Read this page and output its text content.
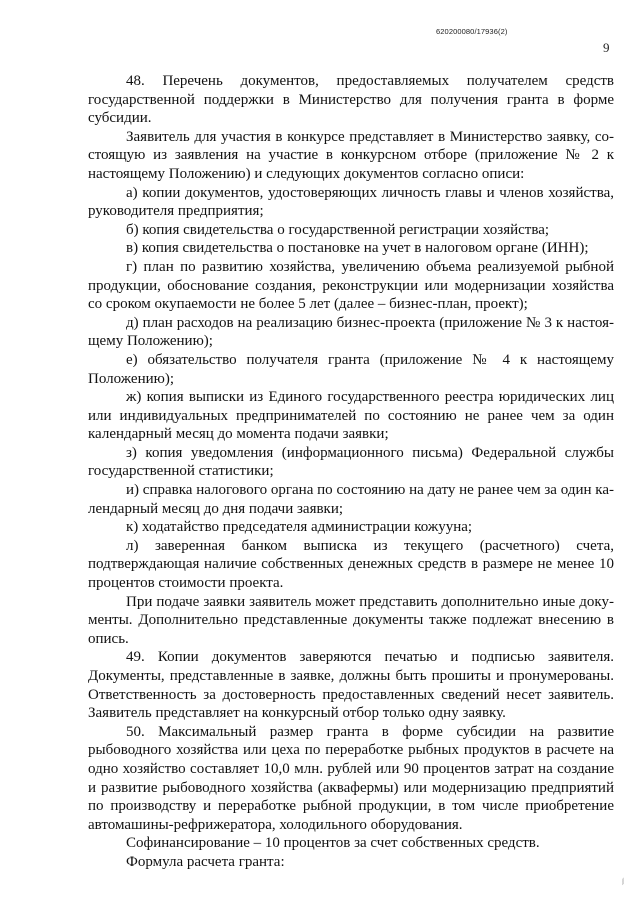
620200080/17936(2)
9

48. Перечень документов, предоставляемых получателем средств государственной поддержки в Министерство для получения гранта в форме субсидии.

Заявитель для участия в конкурсе представляет в Министерство заявку, состоящую из заявления на участие в конкурсном отборе (приложение № 2 к настоящему Положению) и следующих документов согласно описи:

а) копии документов, удостоверяющих личность главы и членов хозяйства, руководителя предприятия;

б) копия свидетельства о государственной регистрации хозяйства;

в) копия свидетельства о постановке на учет в налоговом органе (ИНН);

г) план по развитию хозяйства, увеличению объема реализуемой рыбной продукции, обоснование создания, реконструкции или модернизации хозяйства со сроком окупаемости не более 5 лет (далее – бизнес-план, проект);

д) план расходов на реализацию бизнес-проекта (приложение № 3 к настоящему Положению);

е) обязательство получателя гранта (приложение № 4 к настоящему Положению);

ж) копия выписки из Единого государственного реестра юридических лиц или индивидуальных предпринимателей по состоянию не ранее чем за один календарный месяц до момента подачи заявки;

з) копия уведомления (информационного письма) Федеральной службы государственной статистики;

и) справка налогового органа по состоянию на дату не ранее чем за один календарный месяц до дня подачи заявки;

к) ходатайство председателя администрации кожууна;

л) заверенная банком выписка из текущего (расчетного) счета, подтверждающая наличие собственных денежных средств в размере не менее 10 процентов стоимости проекта.

При подаче заявки заявитель может представить дополнительно иные документы. Дополнительно представленные документы также подлежат внесению в опись.

49. Копии документов заверяются печатью и подписью заявителя. Документы, представленные в заявке, должны быть прошиты и пронумерованы. Ответственность за достоверность предоставленных сведений несет заявитель. Заявитель представляет на конкурсный отбор только одну заявку.

50. Максимальный размер гранта в форме субсидии на развитие рыбоводного хозяйства или цеха по переработке рыбных продуктов в расчете на одно хозяйство составляет 10,0 млн. рублей или 90 процентов затрат на создание и развитие рыбоводного хозяйства (аквафермы) или модернизацию предприятий по производству и переработке рыбной продукции, в том числе приобретение автомашины-рефрижератора, холодильного оборудования.

Софинансирование – 10 процентов за счет собственных средств.

Формула расчета гранта:

⁄⁄
